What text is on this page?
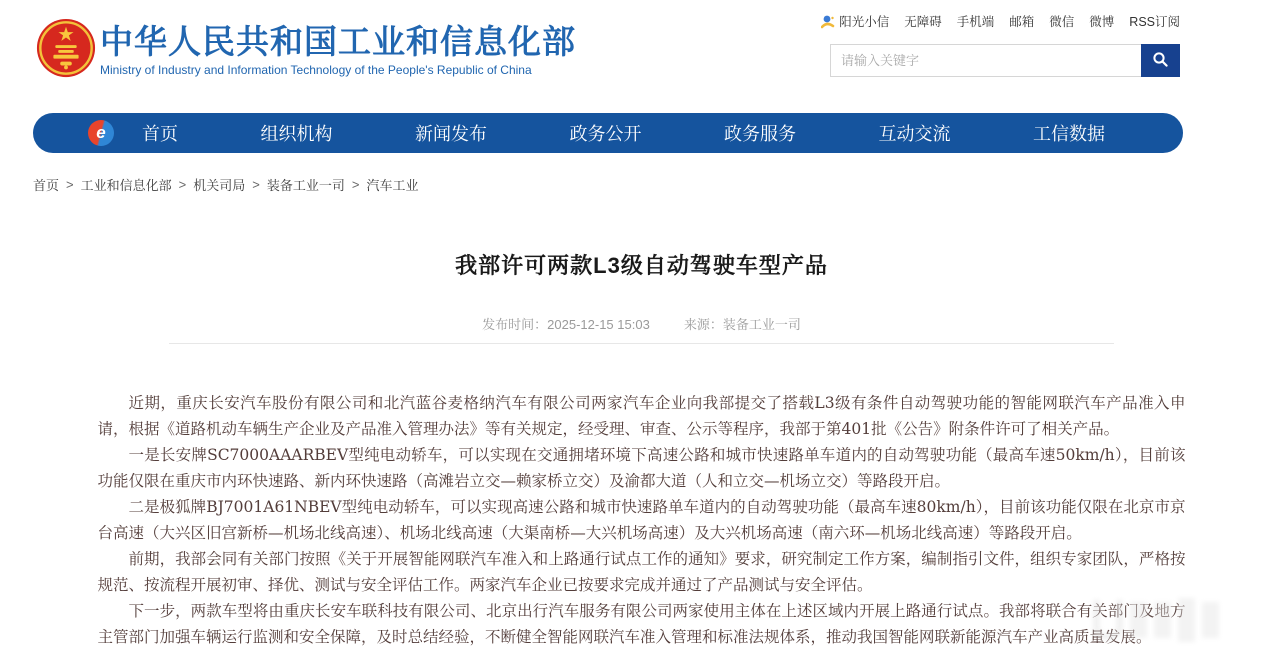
中华人民共和国工业和信息化部
Ministry of Industry and Information Technology of the People's Republic of China
阳光小信 无障碍 手机端 邮箱 微信 微博 RSS订阅
请输入关键字
e	首页	组织机构	新闻发布	政务公开	政务服务	互动交流	工信数据
首页 > 工业和信息化部 > 机关司局 > 装备工业一司 > 汽车工业
我部许可两款L3级自动驾驶车型产品
发布时间：2025-12-15 15:03	来源：装备工业一司

近期，重庆长安汽车股份有限公司和北汽蓝谷麦格纳汽车有限公司两家汽车企业向我部提交了搭载L3级有条件自动驾驶功能的智能网联汽车产品准入申请，根据《道路机动车辆生产企业及产品准入管理办法》等有关规定，经受理、审查、公示等程序，我部于第401批《公告》附条件许可了相关产品。

一是长安牌SC7000AAARBEV型纯电动轿车，可以实现在交通拥堵环境下高速公路和城市快速路单车道内的自动驾驶功能（最高车速50km/h），目前该功能仅限在重庆市内环快速路、新内环快速路（高滩岩立交—赖家桥立交）及渝都大道（人和立交—机场立交）等路段开启。

二是极狐牌BJ7001A61NBEV型纯电动轿车，可以实现高速公路和城市快速路单车道内的自动驾驶功能（最高车速80km/h），目前该功能仅限在北京市京台高速（大兴区旧宫新桥—机场北线高速）、机场北线高速（大渠南桥—大兴机场高速）及大兴机场高速（南六环—机场北线高速）等路段开启。

前期，我部会同有关部门按照《关于开展智能网联汽车准入和上路通行试点工作的通知》要求，研究制定工作方案，编制指引文件，组织专家团队，严格按规范、按流程开展初审、择优、测试与安全评估工作。两家汽车企业已按要求完成并通过了产品测试与安全评估。

下一步，两款车型将由重庆长安车联科技有限公司、北京出行汽车服务有限公司两家使用主体在上述区域内开展上路通行试点。我部将联合有关部门及地方主管部门加强车辆运行监测和安全保障，及时总结经验，不断健全智能网联汽车准入管理和标准法规体系，推动我国智能网联新能源汽车产业高质量发展。
